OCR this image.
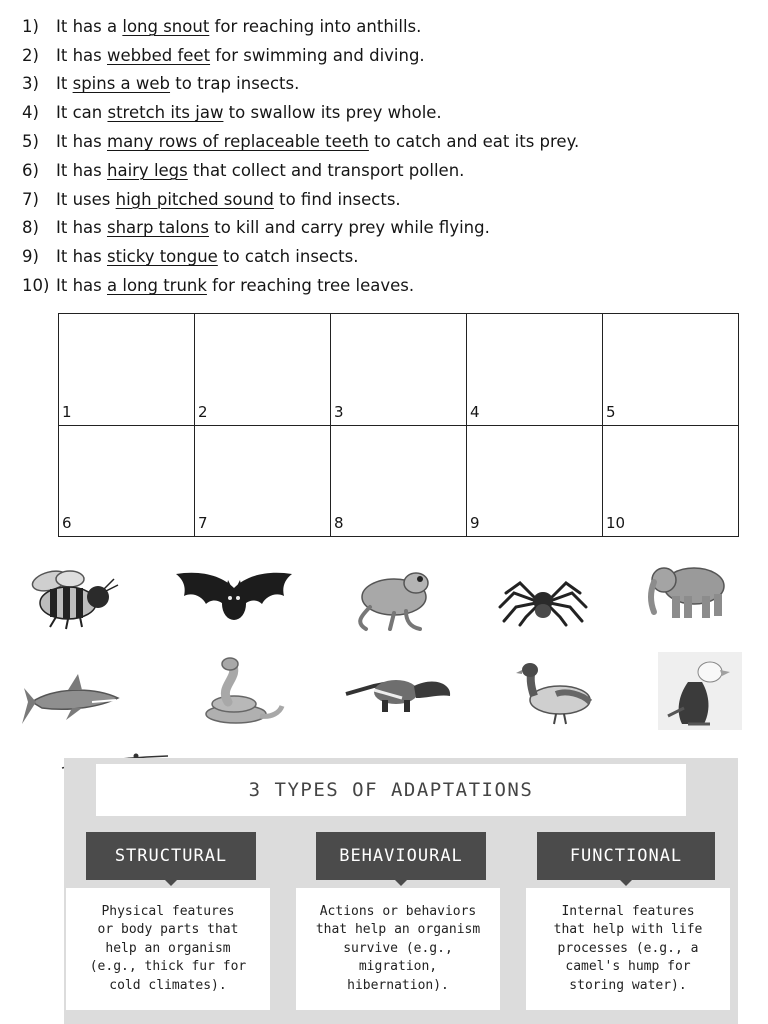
1)	It has a long snout for reaching into anthills.
2)	It has webbed feet for swimming and diving.
3)	It spins a web to trap insects.
4)	It can stretch its jaw to swallow its prey whole.
5)	It has many rows of replaceable teeth to catch and eat its prey.
6)	It has hairy legs that collect and transport pollen.
7)	It uses high pitched sound to find insects.
8)	It has sharp talons to kill and carry prey while flying.
9)	It has sticky tongue to catch insects.
10) It has a long trunk for reaching tree leaves.
1	2	3	4	5
6	7	8	9	10
3 TYPES OF ADAPTATIONS
STRUCTURAL	BEHAVIOURAL	FUNCTIONAL
Physical features
or body parts that
help an organism
(e.g., thick fur for
cold climates).
Actions or behaviors
that help an organism
survive (e.g.,
migration,
hibernation).
Internal features
that help with life
processes (e.g., a
camel's hump for
storing water).
